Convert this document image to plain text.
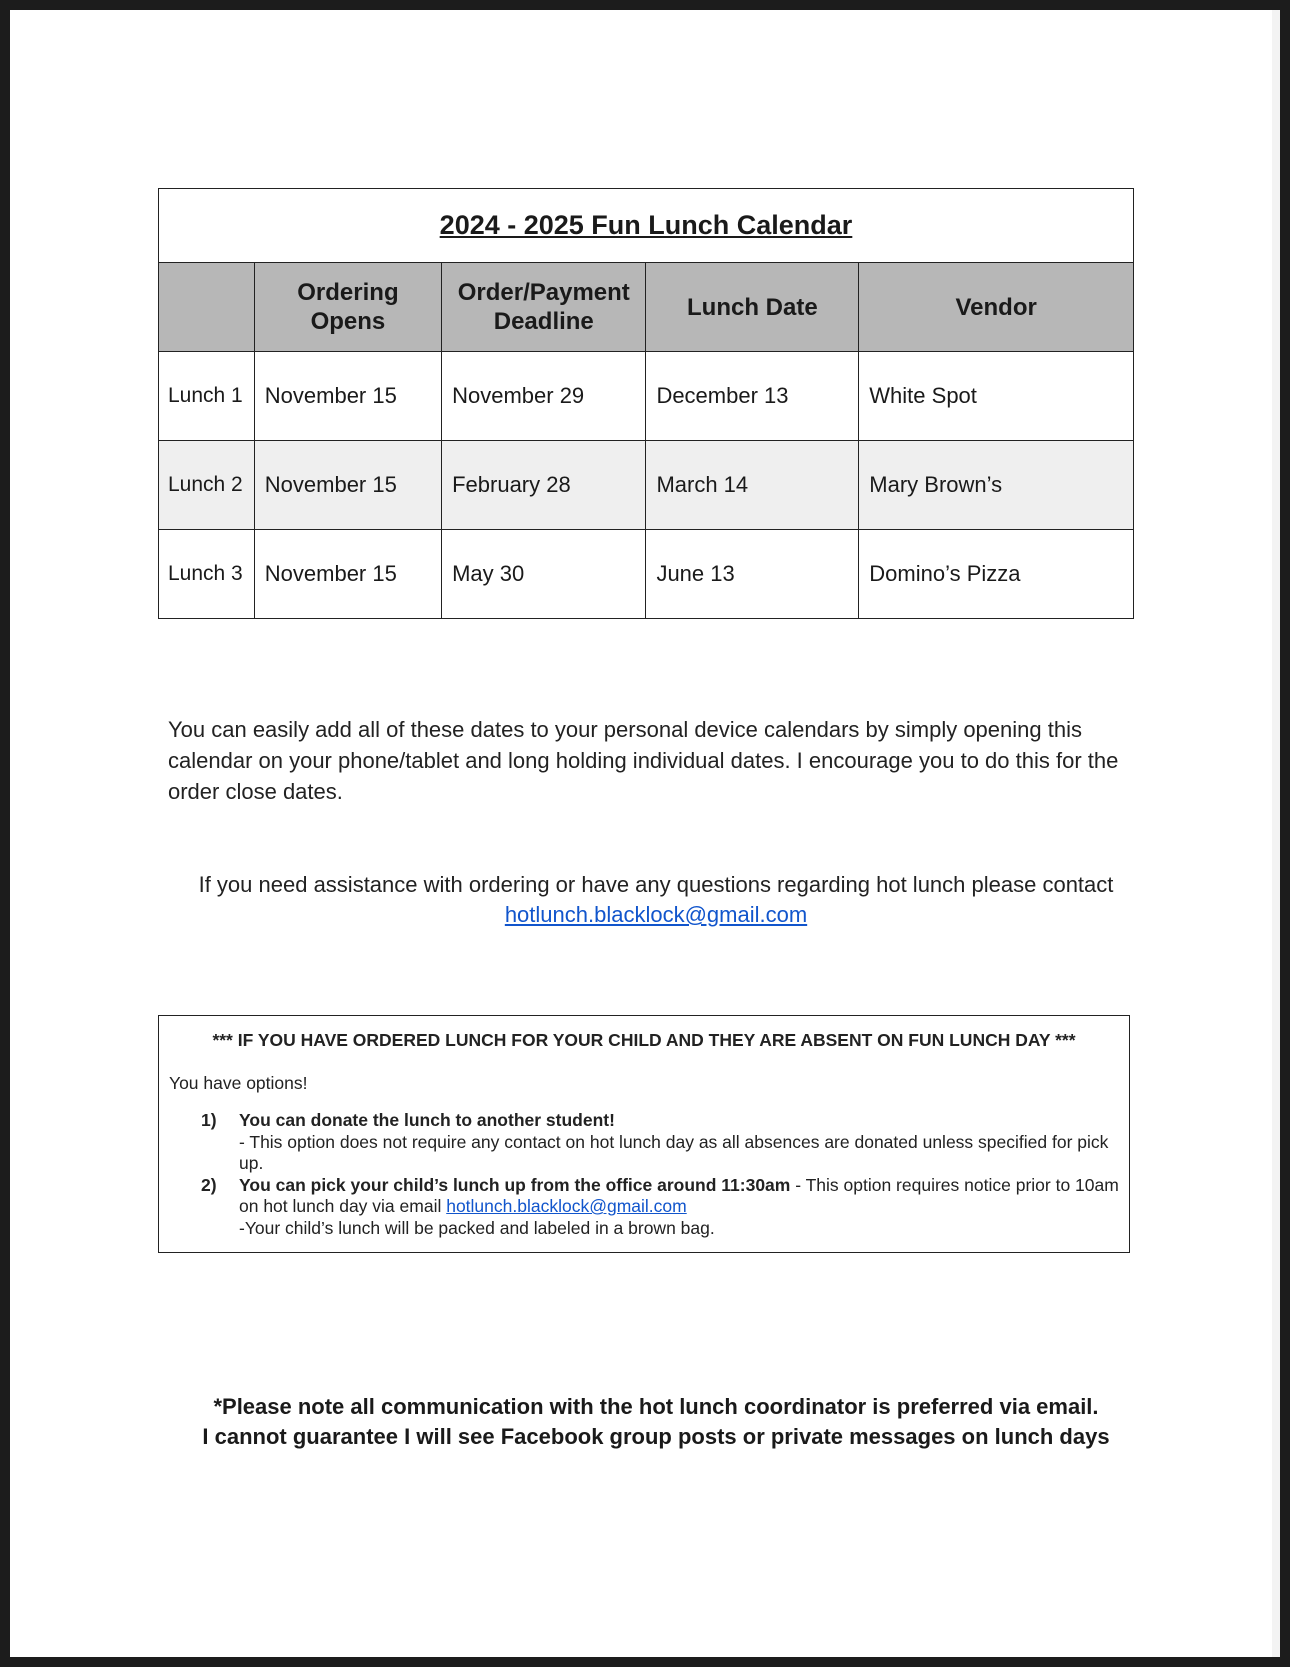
2024 - 2025 Fun Lunch Calendar				
	Ordering Opens	Order/Payment Deadline	Lunch Date	Vendor
Lunch 1	November 15	November 29	December 13	White Spot
Lunch 2	November 15	February 28	March 14	Mary Brown’s
Lunch 3	November 15	May 30	June 13	Domino’s Pizza
You can easily add all of these dates to your personal device calendars by simply opening this calendar on your phone/tablet and long holding individual dates. I encourage you to do this for the order close dates.
If you need assistance with ordering or have any questions regarding hot lunch please contact
hotlunch.blacklock@gmail.com
*** IF YOU HAVE ORDERED LUNCH FOR YOUR CHILD AND THEY ARE ABSENT ON FUN LUNCH DAY ***
You have options!
1) You can donate the lunch to another student!
- This option does not require any contact on hot lunch day as all absences are donated unless specified for pick up.
2) You can pick your child’s lunch up from the office around 11:30am - This option requires notice prior to 10am on hot lunch day via email hotlunch.blacklock@gmail.com
-Your child’s lunch will be packed and labeled in a brown bag.
*Please note all communication with the hot lunch coordinator is preferred via email.
I cannot guarantee I will see Facebook group posts or private messages on lunch days
